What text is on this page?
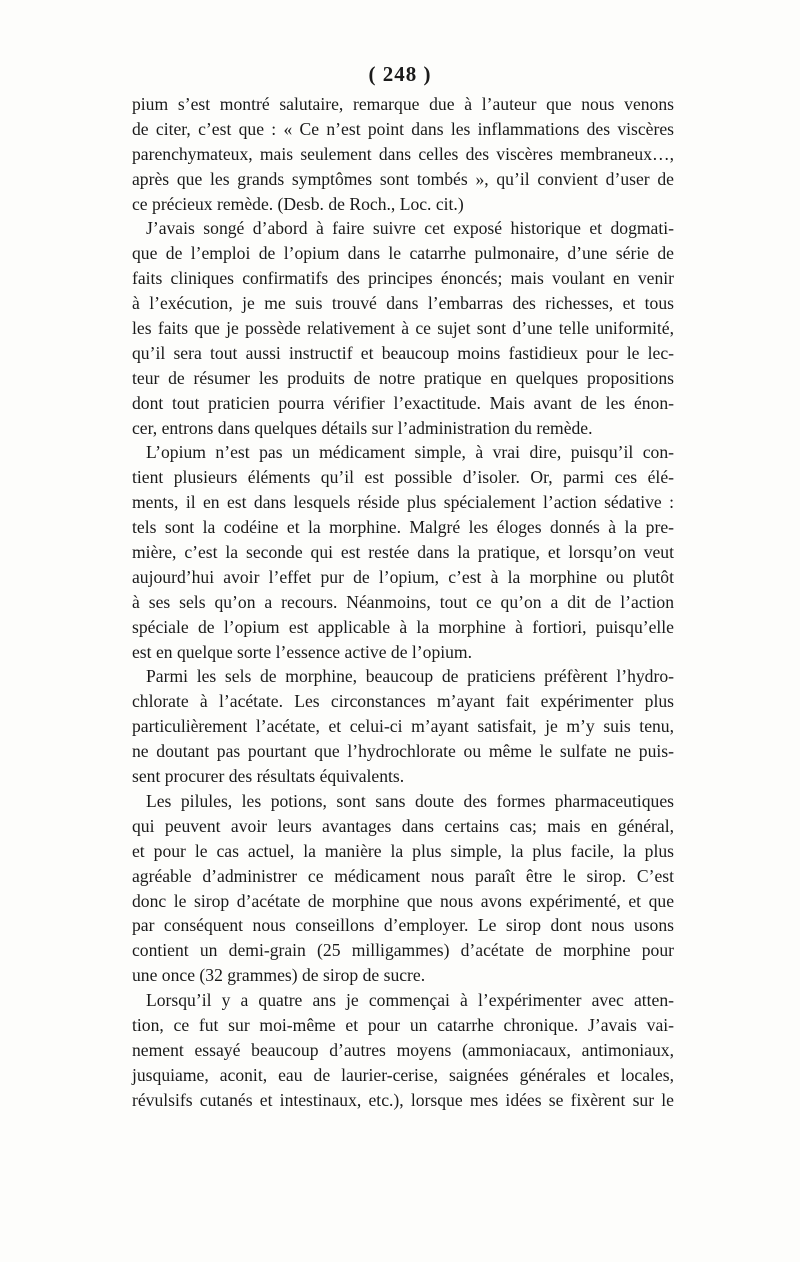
( 248 )
pium s’est montré salutaire, remarque due à l’auteur que nous venons
de citer, c’est que : « Ce n’est point dans les inflammations des viscères
parenchymateux, mais seulement dans celles des viscères membraneux…,
après que les grands symptômes sont tombés », qu’il convient d’user de
ce précieux remède. (Desb. de Roch., Loc. cit.)
J’avais songé d’abord à faire suivre cet exposé historique et dogmati-
que de l’emploi de l’opium dans le catarrhe pulmonaire, d’une série de
faits cliniques confirmatifs des principes énoncés; mais voulant en venir
à l’exécution, je me suis trouvé dans l’embarras des richesses, et tous
les faits que je possède relativement à ce sujet sont d’une telle uniformité,
qu’il sera tout aussi instructif et beaucoup moins fastidieux pour le lec-
teur de résumer les produits de notre pratique en quelques propositions
dont tout praticien pourra vérifier l’exactitude. Mais avant de les énon-
cer, entrons dans quelques détails sur l’administration du remède.
L’opium n’est pas un médicament simple, à vrai dire, puisqu’il con-
tient plusieurs éléments qu’il est possible d’isoler. Or, parmi ces élé-
ments, il en est dans lesquels réside plus spécialement l’action sédative :
tels sont la codéine et la morphine. Malgré les éloges donnés à la pre-
mière, c’est la seconde qui est restée dans la pratique, et lorsqu’on veut
aujourd’hui avoir l’effet pur de l’opium, c’est à la morphine ou plutôt
à ses sels qu’on a recours. Néanmoins, tout ce qu’on a dit de l’action
spéciale de l’opium est applicable à la morphine à fortiori, puisqu’elle
est en quelque sorte l’essence active de l’opium.
Parmi les sels de morphine, beaucoup de praticiens préfèrent l’hydro-
chlorate à l’acétate. Les circonstances m’ayant fait expérimenter plus
particulièrement l’acétate, et celui-ci m’ayant satisfait, je m’y suis tenu,
ne doutant pas pourtant que l’hydrochlorate ou même le sulfate ne puis-
sent procurer des résultats équivalents.
Les pilules, les potions, sont sans doute des formes pharmaceutiques
qui peuvent avoir leurs avantages dans certains cas; mais en général,
et pour le cas actuel, la manière la plus simple, la plus facile, la plus
agréable d’administrer ce médicament nous paraît être le sirop. C’est
donc le sirop d’acétate de morphine que nous avons expérimenté, et que
par conséquent nous conseillons d’employer. Le sirop dont nous usons
contient un demi-grain (25 milligammes) d’acétate de morphine pour
une once (32 grammes) de sirop de sucre.
Lorsqu’il y a quatre ans je commençai à l’expérimenter avec atten-
tion, ce fut sur moi-même et pour un catarrhe chronique. J’avais vai-
nement essayé beaucoup d’autres moyens (ammoniacaux, antimoniaux,
jusquiame, aconit, eau de laurier-cerise, saignées générales et locales,
révulsifs cutanés et intestinaux, etc.), lorsque mes idées se fixèrent sur le
